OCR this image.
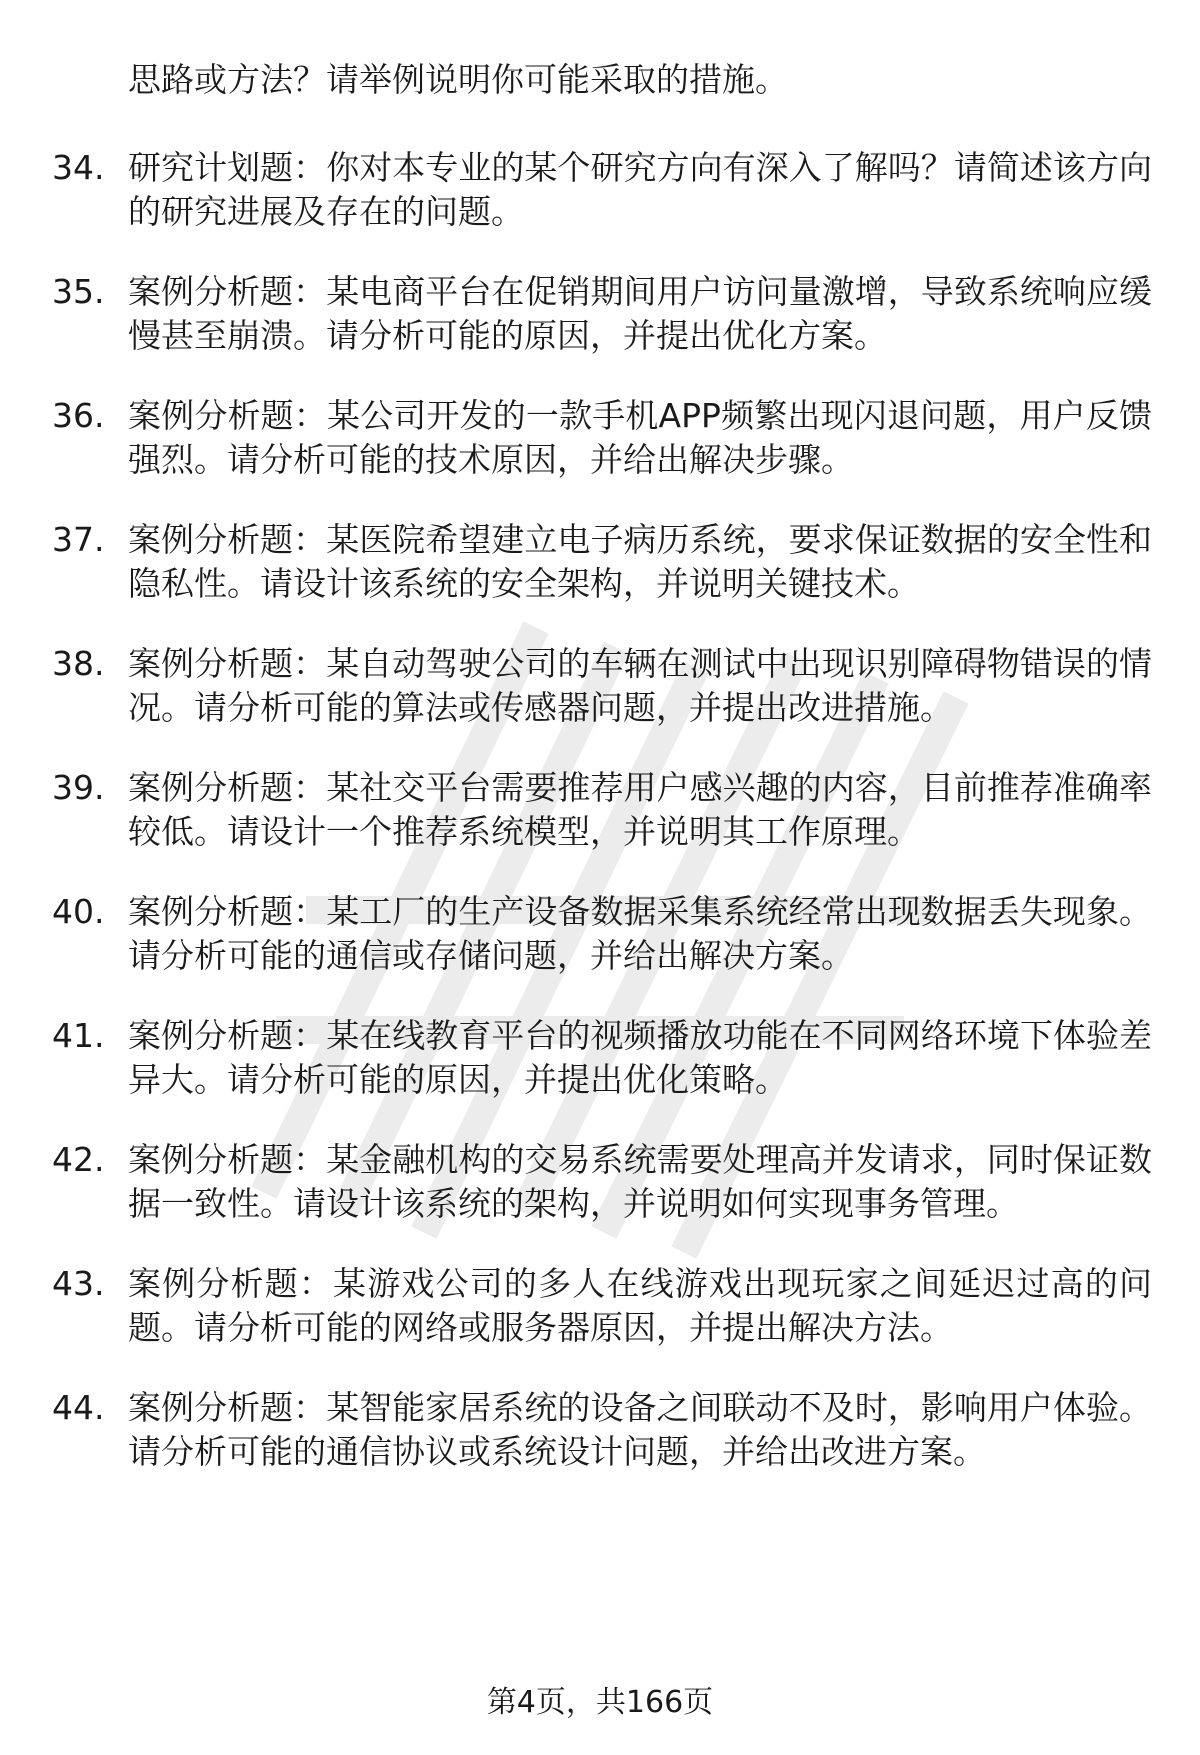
思路或方法？请举例说明你可能采取的措施。

34. 研究计划题：你对本专业的某个研究方向有深入了解吗？请简述该方向的研究进展及存在的问题。
35. 案例分析题：某电商平台在促销期间用户访问量激增，导致系统响应缓慢甚至崩溃。请分析可能的原因，并提出优化方案。
36. 案例分析题：某公司开发的一款手机APP频繁出现闪退问题，用户反馈强烈。请分析可能的技术原因，并给出解决步骤。
37. 案例分析题：某医院希望建立电子病历系统，要求保证数据的安全性和隐私性。请设计该系统的安全架构，并说明关键技术。
38. 案例分析题：某自动驾驶公司的车辆在测试中出现识别障碍物错误的情况。请分析可能的算法或传感器问题，并提出改进措施。
39. 案例分析题：某社交平台需要推荐用户感兴趣的内容，目前推荐准确率较低。请设计一个推荐系统模型，并说明其工作原理。
40. 案例分析题：某工厂的生产设备数据采集系统经常出现数据丢失现象。请分析可能的通信或存储问题，并给出解决方案。
41. 案例分析题：某在线教育平台的视频播放功能在不同网络环境下体验差异大。请分析可能的原因，并提出优化策略。
42. 案例分析题：某金融机构的交易系统需要处理高并发请求，同时保证数据一致性。请设计该系统的架构，并说明如何实现事务管理。
43. 案例分析题：某游戏公司的多人在线游戏出现玩家之间延迟过高的问题。请分析可能的网络或服务器原因，并提出解决方法。
44. 案例分析题：某智能家居系统的设备之间联动不及时，影响用户体验。请分析可能的通信协议或系统设计问题，并给出改进方案。
第4页，共166页
